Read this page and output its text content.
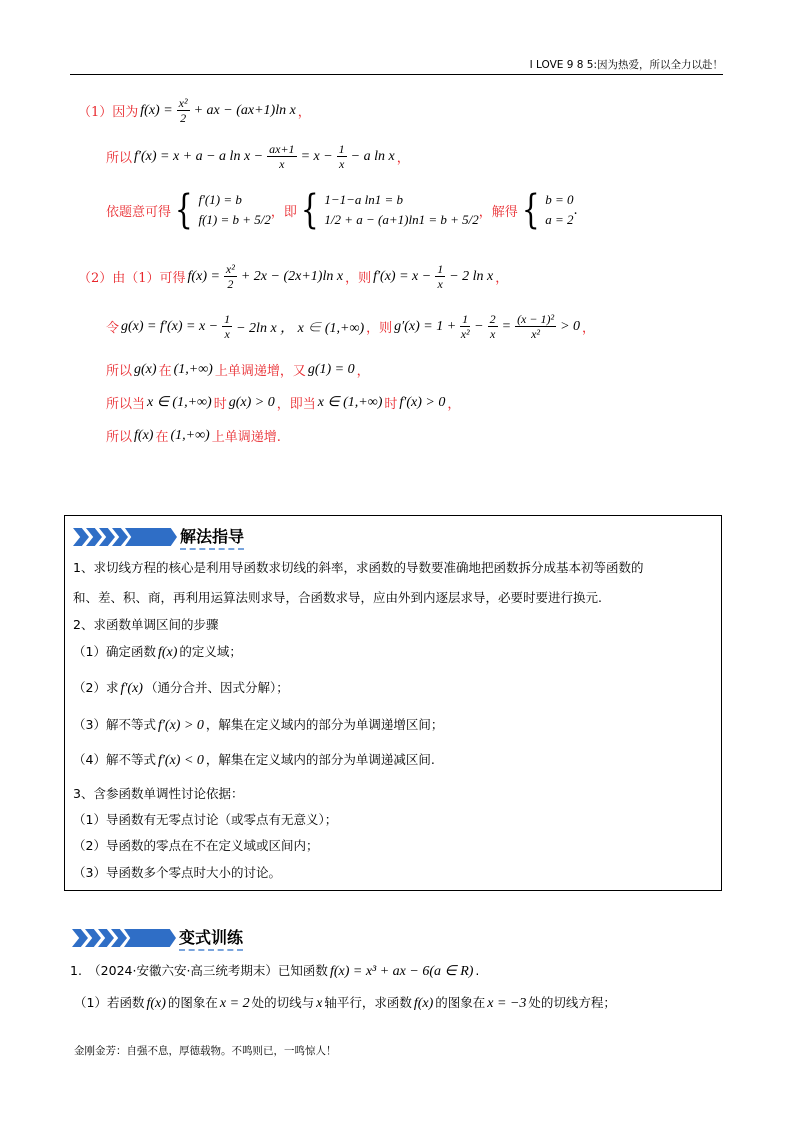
I LOVE 9 8 5:因为热爱，所以全力以赴！
（1）因为 $f(x) = \frac{\text{x²}}{2}$ + ax − (ax+1)ln x ，
所以 f′(x) = x + a − a $\ln x - \frac{ax+1}{x} = x - \frac{1}{x} - a$ ln x ，
依题意可得 { f′(1) = b
f(1) = b + 5/2 ，即 { 1−1−a ln1 = b
1/2 + a − (a+1)ln1 = b + 5/2 ，解得 { b = 0
a = 2
.
（2）由（1）可得 $f(x) = \frac{\text{x²}}{2} + 2x - (2x+1)\ln$ x ，则 $f'(x) = x - \frac{1}{x} - 2$ ln x ，
令 $g(x) = f'(x) = x - \frac{1}{x} - 2\ln$ x ， x ∈ (1,+∞) ，则 $g'(x) = 1 + \frac{1}{\text{x²}} - \frac{2}{x} = \frac{\text{(x − 1)²}}{\text{x²}} > 0$ ，
所以 g(x) 在 (1,+∞) 上单调递增，又 g(1) = 0 ，
所以当 x ∈ (1,+∞) 时 g(x) > 0 ，即当 x ∈ (1,+∞) 时 f′(x) > 0 ，
所以 f(x) 在 (1,+∞) 上单调递增.
解法指导
1、求切线方程的核心是利用导函数求切线的斜率，求函数的导数要准确地把函数拆分成基本初等函数的
和、差、积、商，再利用运算法则求导，合函数求导，应由外到内逐层求导，必要时要进行换元.
2、求函数单调区间的步骤
（1）确定函数 f(x) 的定义域；
（2）求 f′(x) （通分合并、因式分解）；
（3）解不等式 f′(x) > 0 ，解集在定义域内的部分为单调递增区间；
（4）解不等式 f′(x) < 0 ，解集在定义域内的部分为单调递减区间.
3、含参函数单调性讨论依据：
（1）导函数有无零点讨论（或零点有无意义）；
（2）导函数的零点在不在定义域或区间内；
（3）导函数多个零点时大小的讨论。
变式训练
1.　（2024·安徽六安·高三统考期末）已知函数 f(x) = x³ + ax − 6(a ∈ R) .
（1）若函数 f(x) 的图象在 x = 2 处的切线与 x 轴平行，求函数 f(x) 的图象在 x = −3 处的切线方程；
金刚金芳：自强不息，厚德载物。不鸣则已，一鸣惊人！
